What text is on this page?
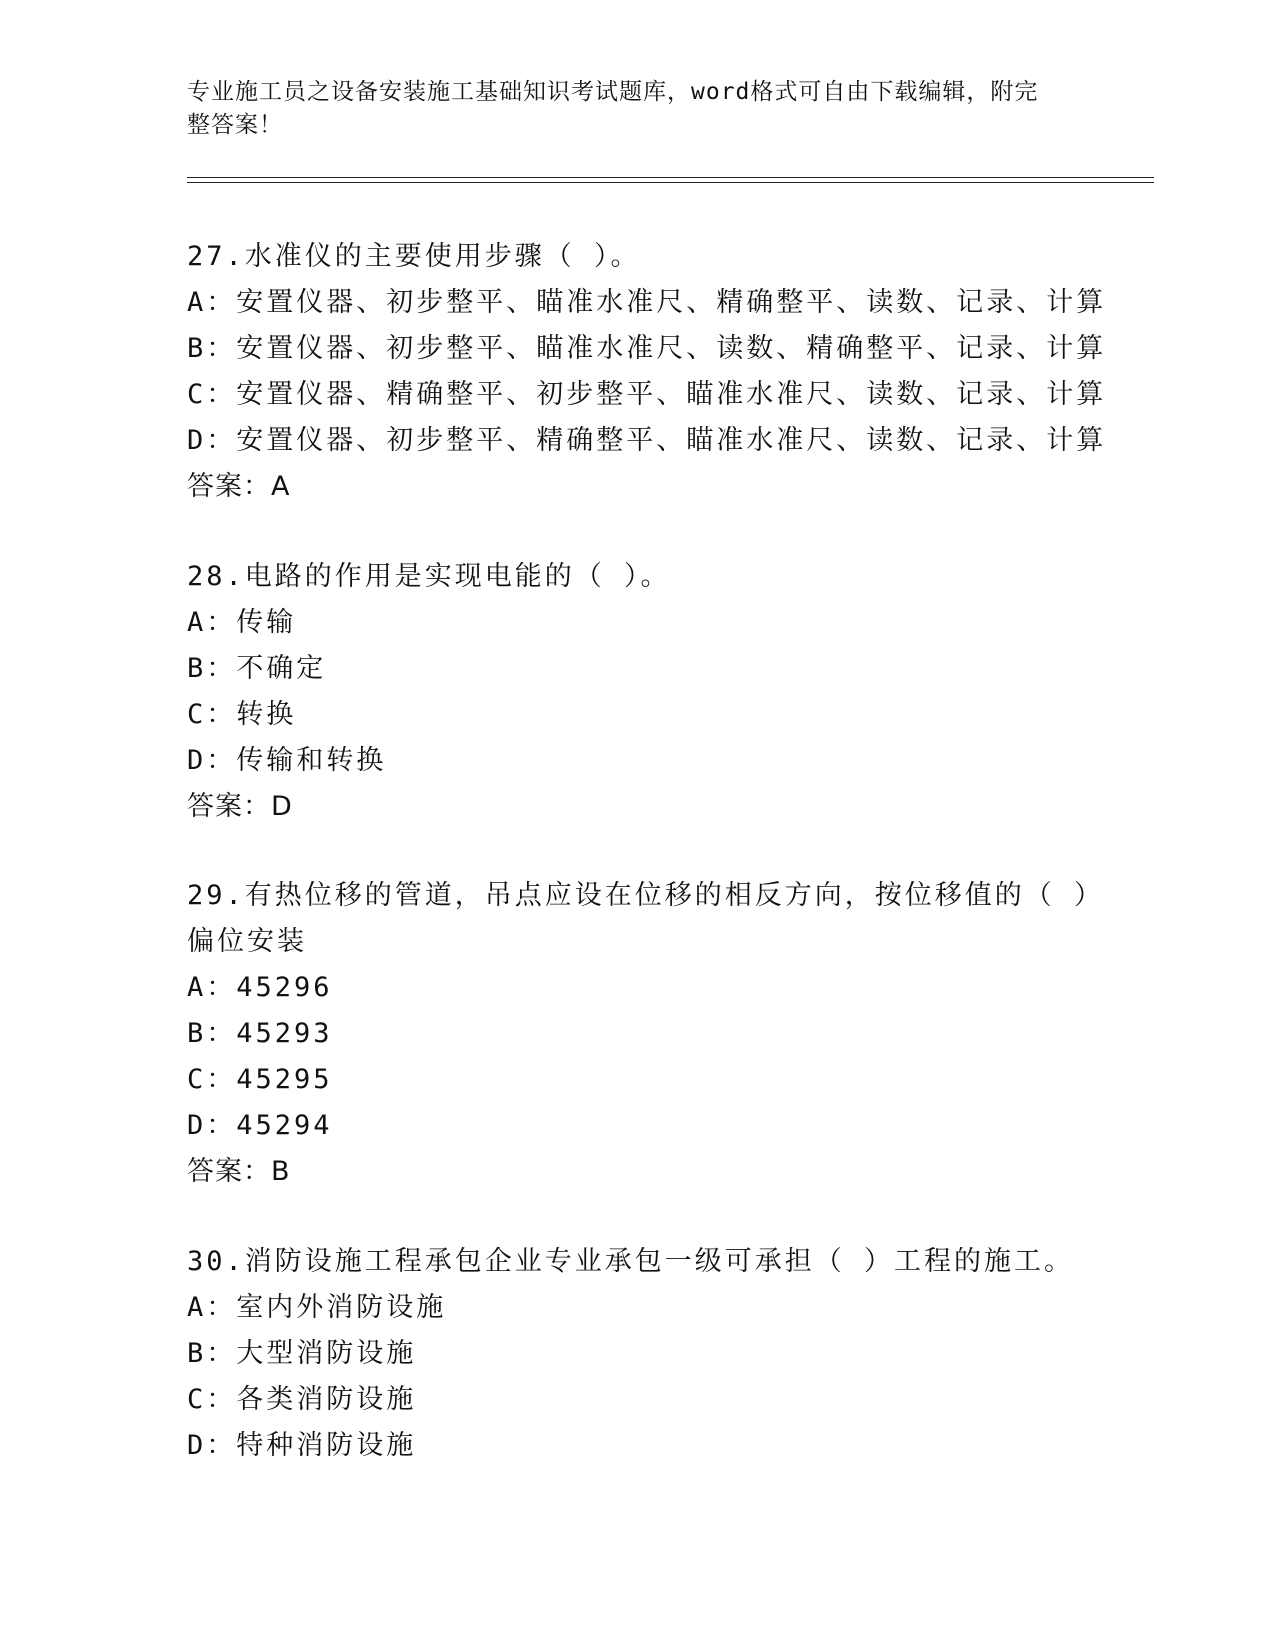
专业施工员之设备安装施工基础知识考试题库，word格式可自由下载编辑，附完
整答案！
27.水准仪的主要使用步骤（ ）。
A：安置仪器、初步整平、瞄准水准尺、精确整平、读数、记录、计算
B：安置仪器、初步整平、瞄准水准尺、读数、精确整平、记录、计算
C：安置仪器、精确整平、初步整平、瞄准水准尺、读数、记录、计算
D：安置仪器、初步整平、精确整平、瞄准水准尺、读数、记录、计算
答案：A
28.电路的作用是实现电能的（ ）。
A：传输
B：不确定
C：转换
D：传输和转换
答案：D
29.有热位移的管道，吊点应设在位移的相反方向，按位移值的（ ）
偏位安装
A：45296
B：45293
C：45295
D：45294
答案：B
30.消防设施工程承包企业专业承包一级可承担（ ）工程的施工。
A：室内外消防设施
B：大型消防设施
C：各类消防设施
D：特种消防设施
